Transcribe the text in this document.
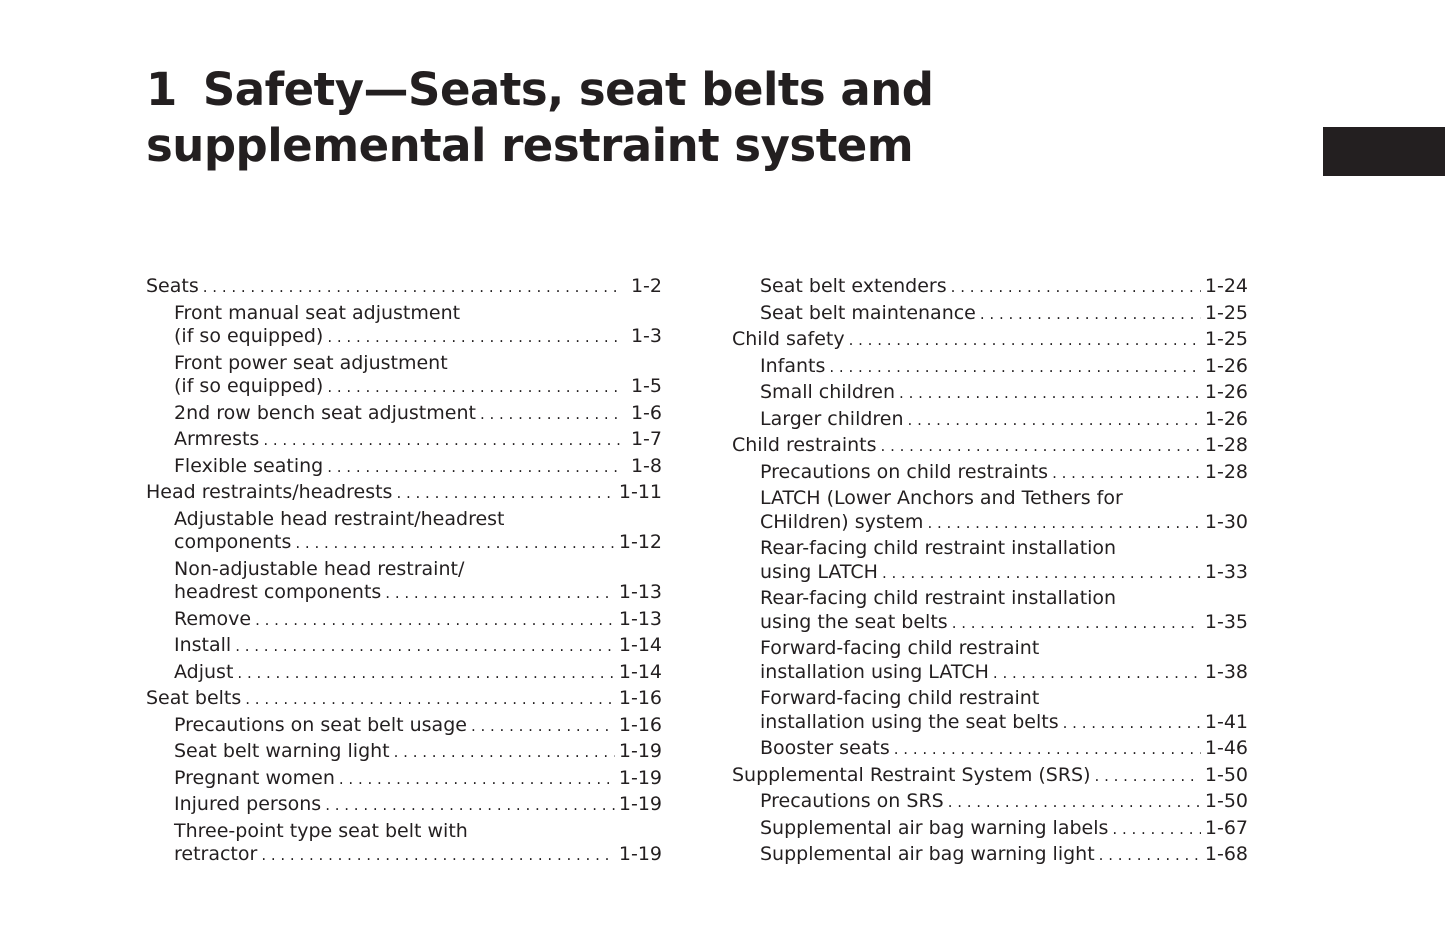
1 Safety—Seats, seat belts and
supplemental restraint system
Seats . . .	1-2
Front manual seat adjustment
(if so equipped) . . .	1-3
Front power seat adjustment
(if so equipped) . . .	1-5
2nd row bench seat adjustment . . .	1-6
Armrests . . .	1-7
Flexible seating . . .	1-8
Head restraints/headrests . . .	1-11
Adjustable head restraint/headrest
components . . .	1-12
Non-adjustable head restraint/
headrest components . . .	1-13
Remove . . .	1-13
Install . . .	1-14
Adjust . . .	1-14
Seat belts . . .	1-16
Precautions on seat belt usage . . .	1-16
Seat belt warning light . . .	1-19
Pregnant women . . .	1-19
Injured persons . . .	1-19
Three-point type seat belt with
retractor . . .	1-19
Seat belt extenders . . .	1-24
Seat belt maintenance . . .	1-25
Child safety . . .	1-25
Infants . . .	1-26
Small children . . .	1-26
Larger children . . .	1-26
Child restraints . . .	1-28
Precautions on child restraints . . .	1-28
LATCH (Lower Anchors and Tethers for
CHildren) system . . .	1-30
Rear-facing child restraint installation
using LATCH . . .	1-33
Rear-facing child restraint installation
using the seat belts . . .	1-35
Forward-facing child restraint
installation using LATCH . . .	1-38
Forward-facing child restraint
installation using the seat belts . . .	1-41
Booster seats . . .	1-46
Supplemental Restraint System (SRS) . . .	1-50
Precautions on SRS . . .	1-50
Supplemental air bag warning labels . . .	1-67
Supplemental air bag warning light . . .	1-68
